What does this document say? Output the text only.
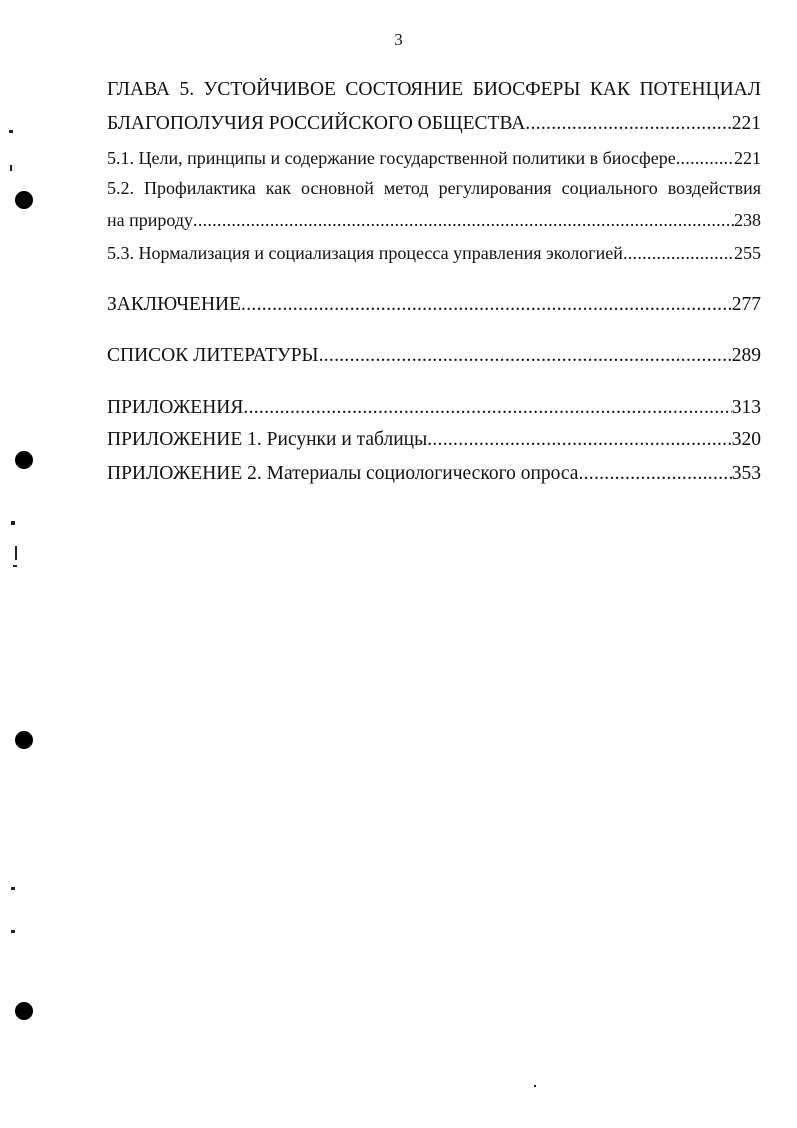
3
ГЛАВА 5. УСТОЙЧИВОЕ СОСТОЯНИЕ БИОСФЕРЫ КАК ПОТЕНЦИАЛ
БЛАГОПОЛУЧИЯ РОССИЙСКОГО ОБЩЕСТВА .....	221
5.1. Цели, принципы и содержание государственной политики в биосфере .....	221
5.2. Профилактика как основной метод регулирования социального воздействия
на природу .....	238
5.3. Нормализация и социализация процесса управления экологией .....	255
ЗАКЛЮЧЕНИЕ .....	277
СПИСОК ЛИТЕРАТУРЫ .....	289
ПРИЛОЖЕНИЯ .....	313
ПРИЛОЖЕНИЕ 1. Рисунки и таблицы .....	320
ПРИЛОЖЕНИЕ 2. Материалы социологического опроса .....	353
